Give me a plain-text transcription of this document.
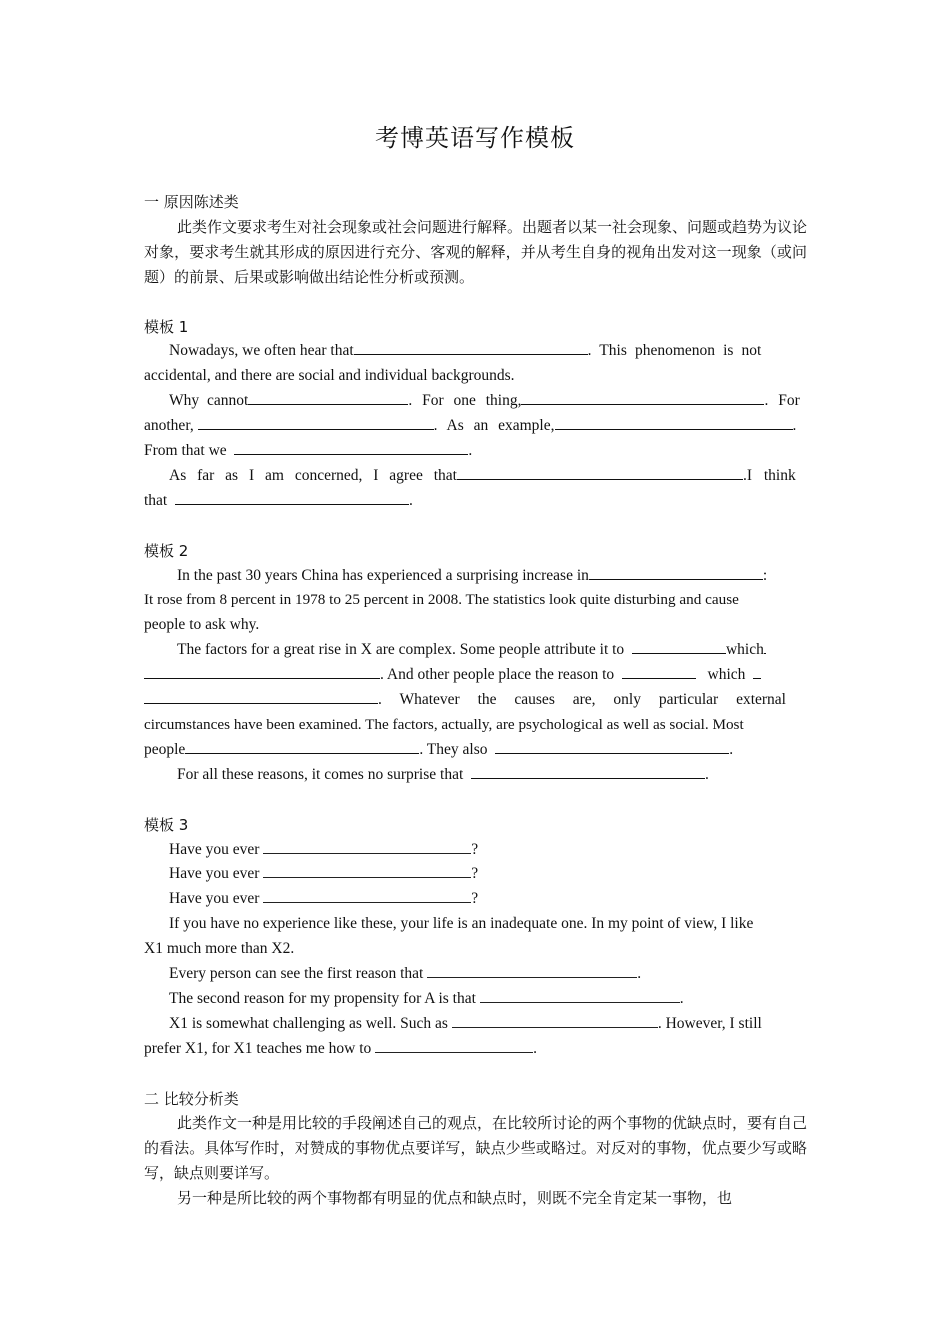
考博英语写作模板

一 原因陈述类

此类作文要求考生对社会现象或社会问题进行解释。出题者以某一社会现象、问题或趋势为议论对象，要求考生就其形成的原因进行充分、客观的解释，并从考生自身的视角出发对这一现象（或问题）的前景、后果或影响做出结论性分析或预测。

模板 1

Nowadays, we often hear that	. This phenomenon is not

accidental, and there are social and individual backgrounds.

Why cannot	. For one thing,	. For

another,	. As an example,	.

From that we	.

As far as I am concerned, I agree that	.I think

that	.

模板 2

In the past 30 years China has experienced a surprising increase in	:

It rose from 8 percent in 1978 to 25 percent in 2008. The statistics look quite disturbing and cause

people to ask why.

The factors for a great rise in X are complex. Some people attribute it to	which

. And other people place the reason to	which

. Whatever the causes are, only particular external

circumstances have been examined. The factors, actually, are psychological as well as social. Most

people	. They also	.

For all these reasons, it comes no surprise that	.

模板 3

Have you ever	?

Have you ever	?

Have you ever	?

If you have no experience like these, your life is an inadequate one. In my point of view, I like

X1 much more than X2.

Every person can see the first reason that	.

The second reason for my propensity for A is that	.

X1 is somewhat challenging as well. Such as	. However, I still

prefer X1, for X1 teaches me how to	.

二 比较分析类

此类作文一种是用比较的手段阐述自己的观点，在比较所讨论的两个事物的优缺点时，要有自己的看法。具体写作时，对赞成的事物优点要详写，缺点少些或略过。对反对的事物，优点要少写或略写，缺点则要详写。

另一种是所比较的两个事物都有明显的优点和缺点时，则既不完全肯定某一事物，也
